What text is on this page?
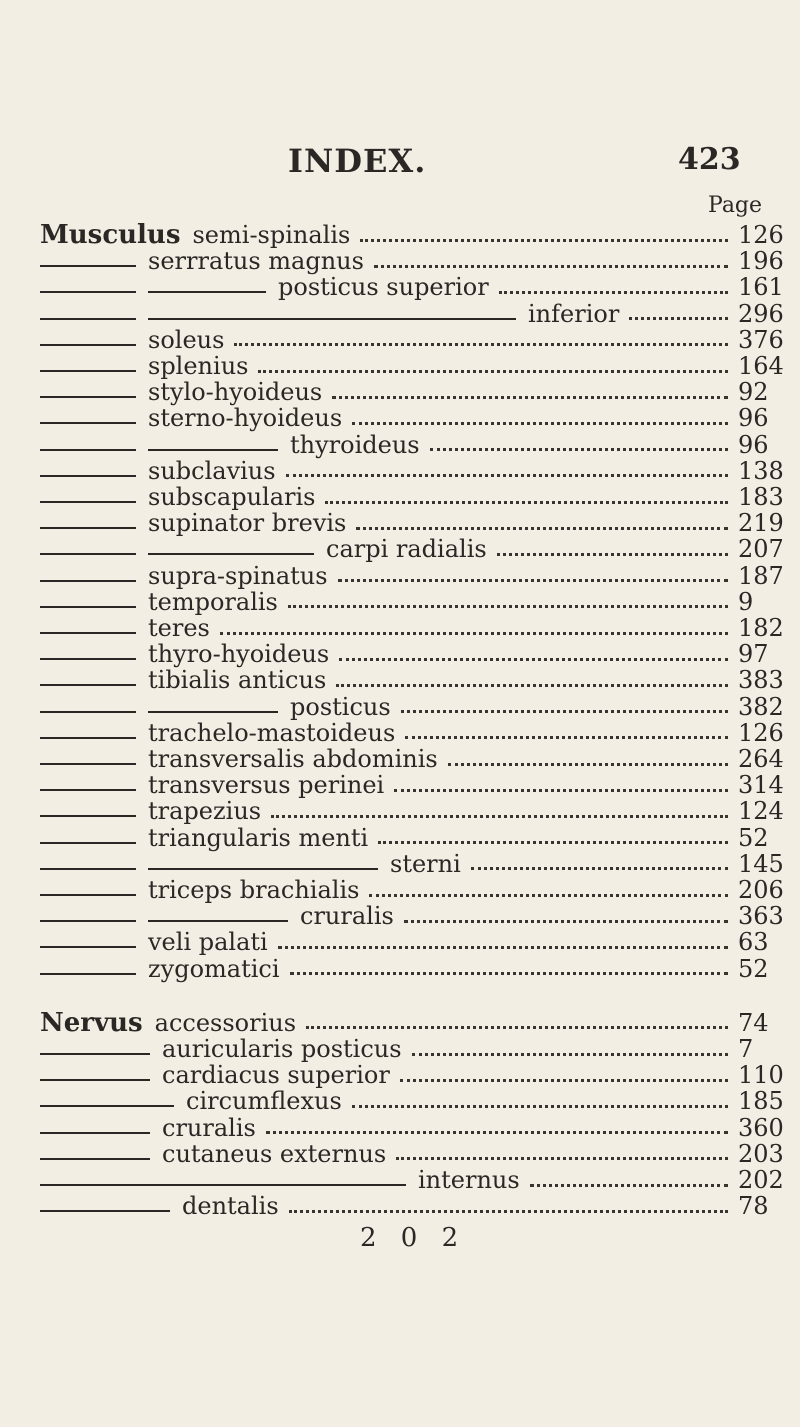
INDEX.	423
Page
Musculus semi-spinalis	126
serrratus magnus	196
posticus superior	161
inferior	296
soleus	376
splenius	164
stylo-hyoideus	92
sterno-hyoideus	96
thyroideus	96
subclavius	138
subscapularis	183
supinator brevis	219
carpi radialis	207
supra-spinatus	187
temporalis	9
teres	182
thyro-hyoideus	97
tibialis anticus	383
posticus	382
trachelo-mastoideus	126
transversalis abdominis	264
transversus perinei	314
trapezius	124
triangularis menti	52
sterni	145
triceps brachialis	206
cruralis	363
veli palati	63
zygomatici	52
Nervus accessorius	74
auricularis posticus	7
cardiacus superior	110
circumflexus	185
cruralis	360
cutaneus externus	203
internus	202
dentalis	78
2 0 2
